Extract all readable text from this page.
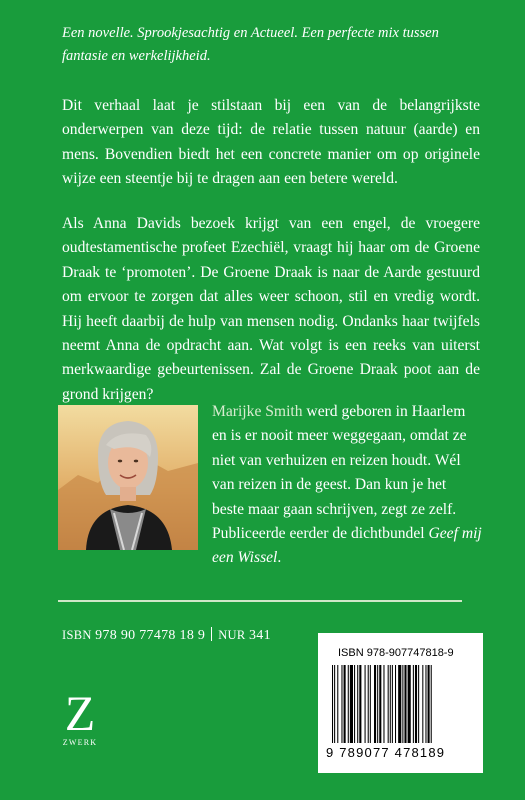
Een novelle. Sprookjesachtig en Actueel. Een perfecte mix tussen fantasie en werkelijkheid.
Dit verhaal laat je stilstaan bij een van de belangrijkste onderwerpen van deze tijd: de relatie tussen natuur (aarde) en mens. Bovendien biedt het een concrete manier om op originele wijze een steentje bij te dragen aan een betere wereld.
Als Anna Davids bezoek krijgt van een engel, de vroegere oudtestamentische profeet Ezechiël, vraagt hij haar om de Groene Draak te ‘promoten’. De Groene Draak is naar de Aarde gestuurd om ervoor te zorgen dat alles weer schoon, stil en vredig wordt. Hij heeft daarbij de hulp van mensen nodig. Ondanks haar twijfels neemt Anna de opdracht aan. Wat volgt is een reeks van uiterst merkwaardige gebeurtenissen. Zal de Groene Draak poot aan de grond krijgen?
Marijke Smith werd geboren in Haarlem en is er nooit meer weggegaan, omdat ze niet van verhuizen en reizen houdt. Wél van reizen in de geest. Dan kun je het beste maar gaan schrijven, zegt ze zelf. Publiceerde eerder de dichtbundel Geef mij een Wissel.
ISBN 978 90 77478 18 9 NUR 341
Z
ZWERK
ISBN 978-907747818-9
9 789077 478189
